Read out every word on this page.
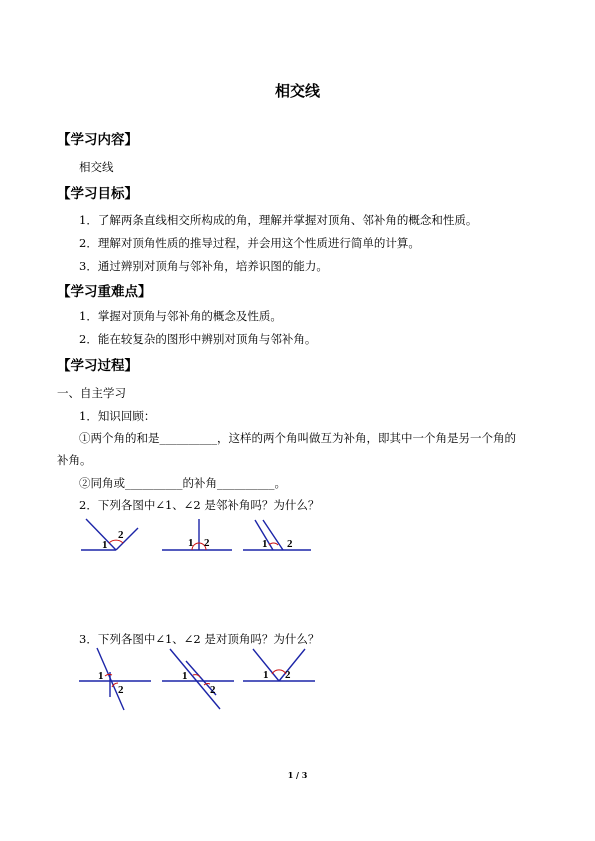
相交线
【学习内容】
相交线
【学习目标】
1．了解两条直线相交所构成的角，理解并掌握对顶角、邻补角的概念和性质。
2．理解对顶角性质的推导过程，并会用这个性质进行简单的计算。
3．通过辨别对顶角与邻补角，培养识图的能力。
【学习重难点】
1．掌握对顶角与邻补角的概念及性质。
2．能在较复杂的图形中辨别对顶角与邻补角。
【学习过程】
一、自主学习
1．知识回顾：
①两个角的和是__________，这样的两个角叫做互为补角，即其中一个角是另一个角的
补角。
②同角或__________的补角__________。
2．下列各图中∠1、∠2 是邻补角吗？为什么？
1
2
1 2	1 2
3．下列各图中∠1、∠2 是对顶角吗？为什么？
1
2
1
2
1 2
1 / 3
